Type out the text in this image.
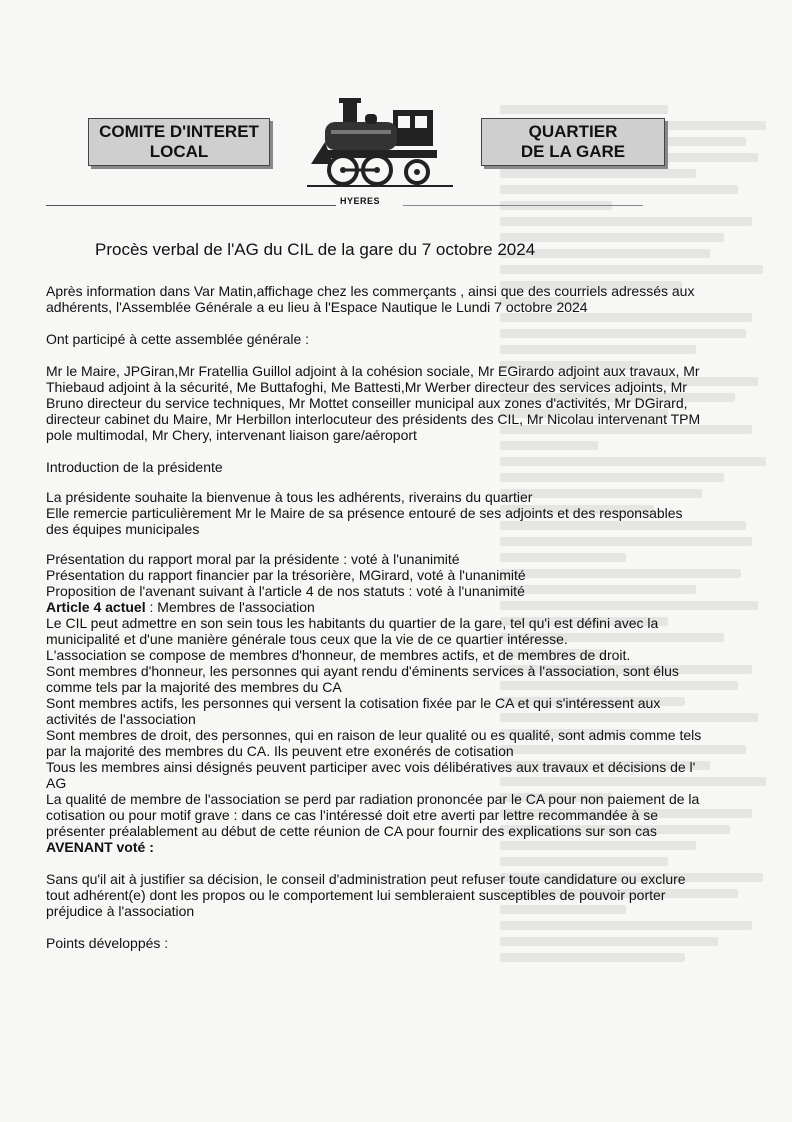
COMITE D'INTERET
LOCAL
HYERES
QUARTIER
DE LA GARE
Procès verbal de l'AG du CIL de la gare du 7 octobre 2024

Après information dans Var Matin,affichage chez les commerçants , ainsi que des courriels adressés aux adhérents, l'Assemblée Générale a eu lieu à l'Espace Nautique le Lundi 7 octobre 2024

Ont participé à cette assemblée générale :

Mr le Maire, JPGiran,Mr Fratellia Guillol adjoint à la cohésion sociale, Mr EGirardo adjoint aux travaux, Mr Thiebaud adjoint à la sécurité, Me Buttafoghi, Me Battesti,Mr Werber directeur des services adjoints, Mr Bruno directeur du service techniques, Mr Mottet conseiller municipal aux zones d'activités, Mr DGirard, directeur cabinet du Maire, Mr Herbillon interlocuteur des présidents des CIL, Mr Nicolau intervenant TPM pole multimodal, Mr Chery, intervenant liaison gare/aéroport

Introduction de la présidente

La présidente souhaite la bienvenue à tous les adhérents, riverains du quartier

Elle remercie particulièrement Mr le Maire de sa présence entouré de ses adjoints et des responsables des équipes municipales

Présentation du rapport moral par la présidente : voté à l'unanimité

Présentation du rapport financier par la trésorière, MGirard, voté à l'unanimité

Proposition de l'avenant suivant à l'article 4 de nos statuts : voté à l'unanimité

Article 4 actuel : Membres de l'association

Le CIL peut admettre en son sein tous les habitants du quartier de la gare, tel qu'i est défini avec la municipalité et d'une manière générale tous ceux que la vie de ce quartier intéresse.

L'association se compose de membres d'honneur, de membres actifs, et de membres de droit.

Sont membres d'honneur, les personnes qui ayant rendu d'éminents services à l'association, sont élus comme tels par la majorité des membres du CA

Sont membres actifs, les personnes qui versent la cotisation fixée par le CA et qui s'intéressent aux activités de l'association

Sont membres de droit, des personnes, qui en raison de leur qualité ou es qualité, sont admis comme tels par la majorité des membres du CA. Ils peuvent etre exonérés de cotisation

Tous les membres ainsi désignés peuvent participer avec vois délibératives aux travaux et décisions de l' AG

La qualité de membre de l'association se perd par radiation prononcée par le CA pour non paiement de la cotisation ou pour motif grave : dans ce cas l'intéressé doit etre averti par lettre recommandée à se présenter préalablement au début de cette réunion de CA pour fournir des explications sur son cas

AVENANT voté :

Sans qu'il ait à justifier sa décision, le conseil d'administration peut refuser toute candidature ou exclure tout adhérent(e) dont les propos ou le comportement lui sembleraient susceptibles de pouvoir porter préjudice à l'association

Points développés :
